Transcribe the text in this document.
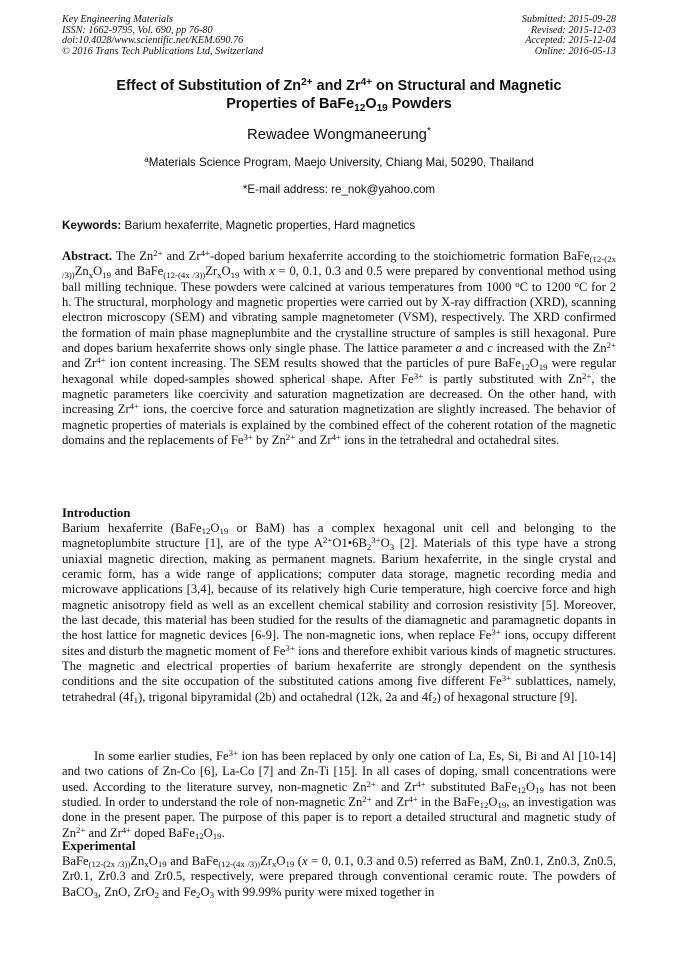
Key Engineering Materials
ISSN: 1662-9795, Vol. 690, pp 76-80
doi:10.4028/www.scientific.net/KEM.690.76
© 2016 Trans Tech Publications Ltd, Switzerland
Submitted: 2015-09-28
Revised: 2015-12-03
Accepted: 2015-12-04
Online: 2016-05-13
Effect of Substitution of $Zn^{2+}$ and $Zr^{4+}$ on Structural and Magnetic
Properties of $BaFe_{12}O_{19}$ Powders
Rewadee Wongmaneerung*
$^a$Materials Science Program, Maejo University, Chiang Mai, 50290, Thailand
*E-mail address: re_nok@yahoo.com
Keywords: Barium hexaferrite, Magnetic properties, Hard magnetics

Abstract. The $Zn^{2+}$ and $Zr^{4+}$-doped barium hexaferrite according to the stoichiometric formation $BaFe_{(12-(2x /3))}Zn_xO_{19}$ and $BaFe_{(12-(4x /3))}Zr_xO_{19}$ with x = 0, 0.1, 0.3 and 0.5 were prepared by conventional method using ball milling technique. These powders were calcined at various temperatures from 1000 $^o$C to 1200 $^o$C for 2 h. The structural, morphology and magnetic properties were carried out by X-ray diffraction (XRD), scanning electron microscopy (SEM) and vibrating sample magnetometer (VSM), respectively. The XRD confirmed the formation of main phase magneplumbite and the crystalline structure of samples is still hexagonal. Pure and dopes barium hexaferrite shows only single phase. The lattice parameter a and c increased with the $Zn^{2+}$ and $Zr^{4+}$ ion content increasing. The SEM results showed that the particles of pure $BaFe_{12}O_{19}$ were regular hexagonal while doped-samples showed spherical shape. After $Fe^{3+}$ is partly substituted with $Zn^{2+}$, the magnetic parameters like coercivity and saturation magnetization are decreased. On the other hand, with increasing $Zr^{4+}$ ions, the coercive force and saturation magnetization are slightly increased. The behavior of magnetic properties of materials is explained by the combined effect of the coherent rotation of the magnetic domains and the replacements of $Fe^{3+}$ by $Zn^{2+}$ and $Zr^{4+}$ ions in the tetrahedral and octahedral sites.

Introduction

Barium hexaferrite ($BaFe_{12}O_{19}$ or BaM) has a complex hexagonal unit cell and belonging to the magnetoplumbite structure [1], are of the type $A^{2+}O1•6B_2^{3+}O_3$ [2]. Materials of this type have a strong uniaxial magnetic direction, making as permanent magnets. Barium hexaferrite, in the single crystal and ceramic form, has a wide range of applications; computer data storage, magnetic recording media and microwave applications [3,4], because of its relatively high Curie temperature, high coercive force and high magnetic anisotropy field as well as an excellent chemical stability and corrosion resistivity [5]. Moreover, the last decade, this material has been studied for the results of the diamagnetic and paramagnetic dopants in the host lattice for magnetic devices [6-9]. The non-magnetic ions, when replace $Fe^{3+}$ ions, occupy different sites and disturb the magnetic moment of $Fe^{3+}$ ions and therefore exhibit various kinds of magnetic structures. The magnetic and electrical properties of barium hexaferrite are strongly dependent on the synthesis conditions and the site occupation of the substituted cations among five different $Fe^{3+}$ sublattices, namely, tetrahedral $(4f_1)$, trigonal bipyramidal (2b) and octahedral (12k, 2a and $4f_2$) of hexagonal structure [9].

In some earlier studies, $Fe^{3+}$ ion has been replaced by only one cation of La, Es, Si, Bi and Al [10-14] and two cations of Zn-Co [6], La-Co [7] and Zn-Ti [15]. In all cases of doping, small concentrations were used. According to the literature survey, non-magnetic $Zn^{2+}$ and $Zr^{4+}$ substituted $BaFe_{12}O_{19}$ has not been studied. In order to understand the role of non-magnetic $Zn^{2+}$ and $Zr^{4+}$ in the $BaFe_{12}O_{19}$, an investigation was done in the present paper. The purpose of this paper is to report a detailed structural and magnetic study of $Zn^{2+}$ and $Zr^{4+}$ doped $BaFe_{12}O_{19}$.

Experimental

$BaFe_{(12-(2x /3))}Zn_xO_{19}$ and $BaFe_{(12-(4x /3))}Zr_xO_{19}$ (x = 0, 0.1, 0.3 and 0.5) referred as BaM, Zn0.1, Zn0.3, Zn0.5, Zr0.1, Zr0.3 and Zr0.5, respectively, were prepared through conventional ceramic route. The powders of BaCO$_3$, ZnO, ZrO$_2$ and $Fe_2O_3$ with 99.99% purity were mixed together in
